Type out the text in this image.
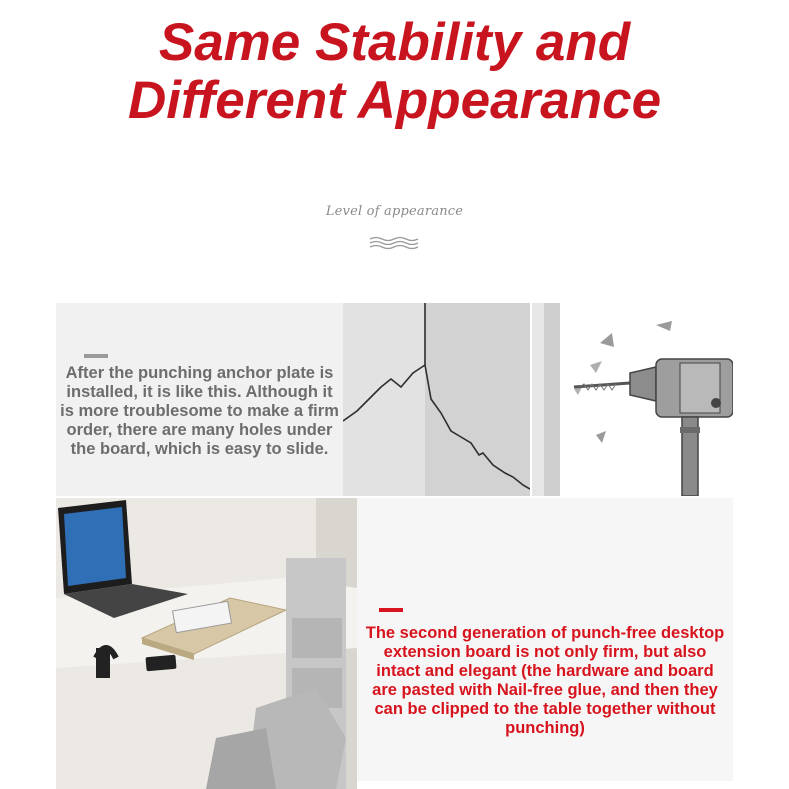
Same Stability and
Different Appearance
Level of appearance

After the punching anchor plate is installed, it is like this. Although it is more troublesome to make a firm order, there are many holes under the board, which is easy to slide.

The second generation of punch-free desktop extension board is not only firm, but also intact and elegant (the hardware and board are pasted with Nail-free glue, and then they can be clipped to the table together without punching)
